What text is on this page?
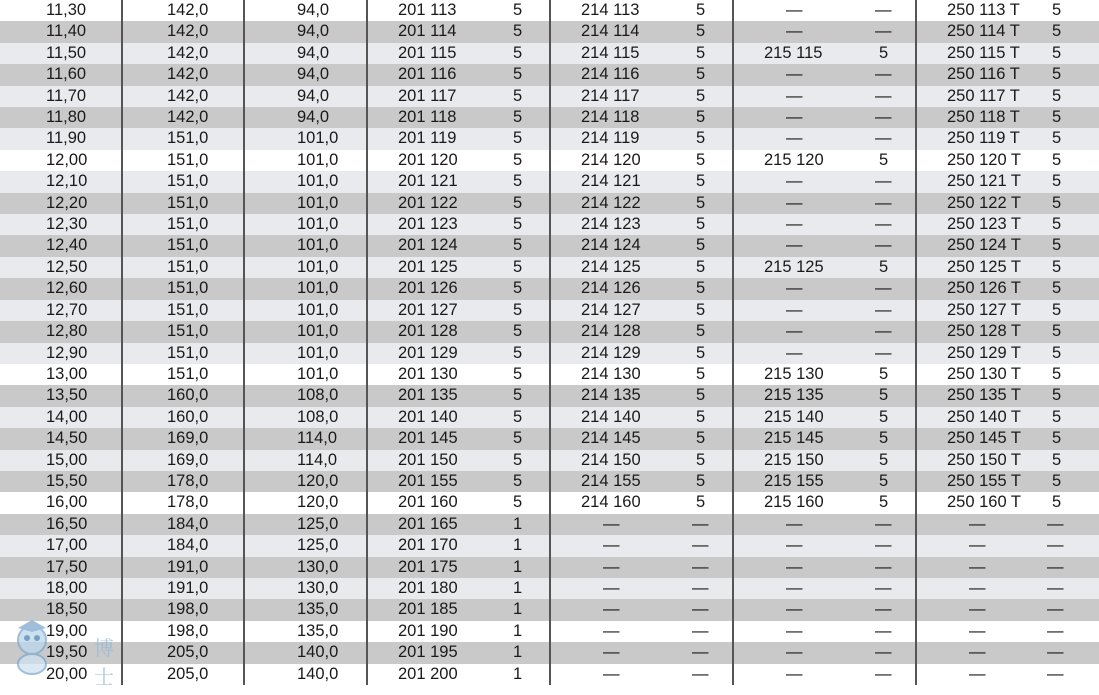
11,30	142,0	94,0	201 113	5	214 113	5	—	—	250 113 T	5
11,40	142,0	94,0	201 114	5	214 114	5	—	—	250 114 T	5
11,50	142,0	94,0	201 115	5	214 115	5	215 115	5	250 115 T	5
11,60	142,0	94,0	201 116	5	214 116	5	—	—	250 116 T	5
11,70	142,0	94,0	201 117	5	214 117	5	—	—	250 117 T	5
11,80	142,0	94,0	201 118	5	214 118	5	—	—	250 118 T	5
11,90	151,0	101,0	201 119	5	214 119	5	—	—	250 119 T	5
12,00	151,0	101,0	201 120	5	214 120	5	215 120	5	250 120 T	5
12,10	151,0	101,0	201 121	5	214 121	5	—	—	250 121 T	5
12,20	151,0	101,0	201 122	5	214 122	5	—	—	250 122 T	5
12,30	151,0	101,0	201 123	5	214 123	5	—	—	250 123 T	5
12,40	151,0	101,0	201 124	5	214 124	5	—	—	250 124 T	5
12,50	151,0	101,0	201 125	5	214 125	5	215 125	5	250 125 T	5
12,60	151,0	101,0	201 126	5	214 126	5	—	—	250 126 T	5
12,70	151,0	101,0	201 127	5	214 127	5	—	—	250 127 T	5
12,80	151,0	101,0	201 128	5	214 128	5	—	—	250 128 T	5
12,90	151,0	101,0	201 129	5	214 129	5	—	—	250 129 T	5
13,00	151,0	101,0	201 130	5	214 130	5	215 130	5	250 130 T	5
13,50	160,0	108,0	201 135	5	214 135	5	215 135	5	250 135 T	5
14,00	160,0	108,0	201 140	5	214 140	5	215 140	5	250 140 T	5
14,50	169,0	114,0	201 145	5	214 145	5	215 145	5	250 145 T	5
15,00	169,0	114,0	201 150	5	214 150	5	215 150	5	250 150 T	5
15,50	178,0	120,0	201 155	5	214 155	5	215 155	5	250 155 T	5
16,00	178,0	120,0	201 160	5	214 160	5	215 160	5	250 160 T	5
16,50	184,0	125,0	201 165	1	—	—	—	—	—	—
17,00	184,0	125,0	201 170	1	—	—	—	—	—	—
17,50	191,0	130,0	201 175	1	—	—	—	—	—	—
18,00	191,0	130,0	201 180	1	—	—	—	—	—	—
18,50	198,0	135,0	201 185	1	—	—	—	—	—	—
19,00	198,0	135,0	201 190	1	—	—	—	—	—	—
19,50	205,0	140,0	201 195	1	—	—	—	—	—	—
20,00	205,0	140,0	201 200	1	—	—	—	—	—	—
博 士
